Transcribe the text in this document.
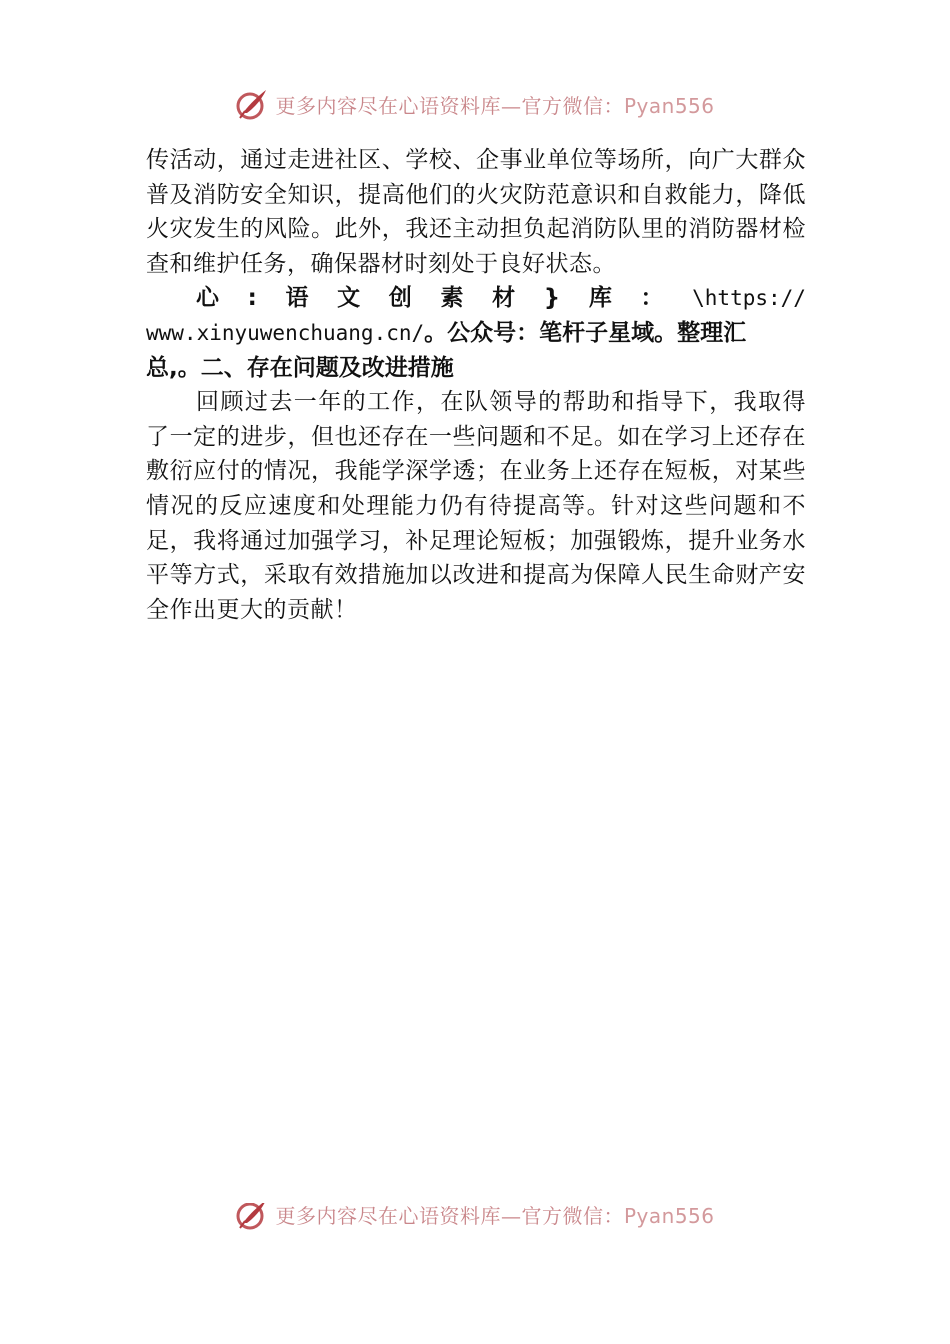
更多内容尽在心语资料库—官方微信：Pyan556

传活动，通过走进社区、学校、企事业单位等场所，向广大群众普及消防安全知识，提高他们的火灾防范意识和自救能力，降低火灾发生的风险。此外，我还主动担负起消防队里的消防器材检查和维护任务，确保器材时刻处于良好状态。

心 : 语 文 创 素 材 } 库 ： \https://

www.xinyuwenchuang.cn/。公众号：笔杆子星域。整理汇

总,。二、存在问题及改进措施

回顾过去一年的工作，在队领导的帮助和指导下，我取得了一定的进步，但也还存在一些问题和不足。如在学习上还存在敷衍应付的情况，我能学深学透；在业务上还存在短板，对某些情况的反应速度和处理能力仍有待提高等。针对这些问题和不足，我将通过加强学习，补足理论短板；加强锻炼，提升业务水平等方式，采取有效措施加以改进和提高为保障人民生命财产安全作出更大的贡献！

更多内容尽在心语资料库—官方微信：Pyan556
